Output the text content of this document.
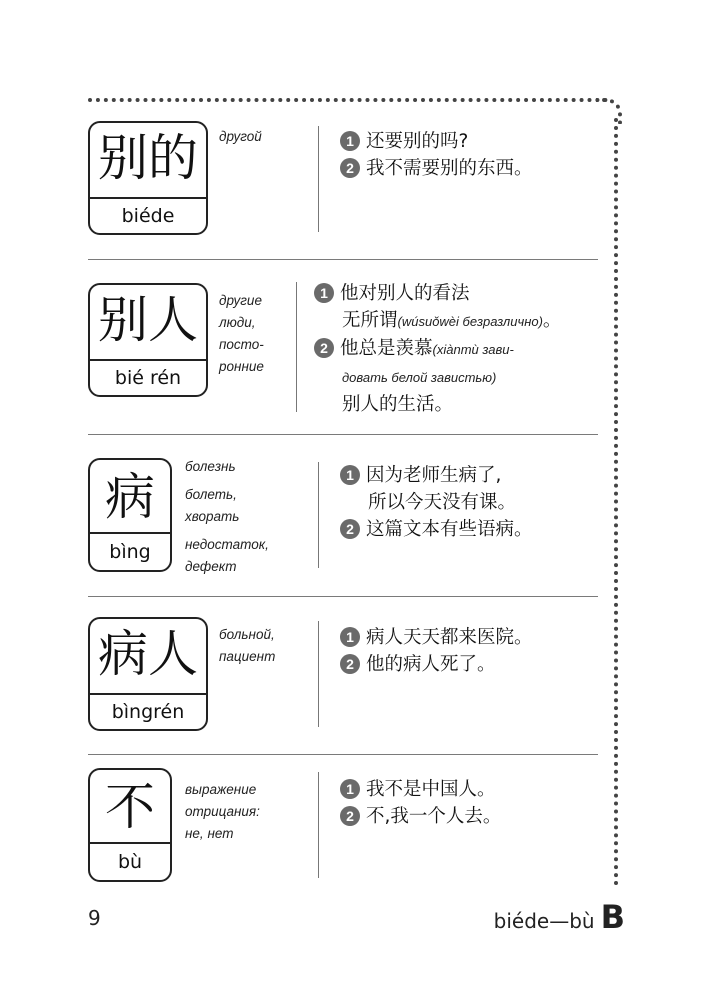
别的
biéde
другой	1 还要别的吗?
2 我不需要别的东西。
别人
bié rén
другие
люди,
посто-
ронние
1 他对别人的看法
无所谓(wúsuǒwèi безразлично)。
2 他总是羡慕(xiànmù зави-
довать белой завистью)
别人的生活。
病
bìng
болезнь
болеть,
хворать
недостаток,
дефект
1 因为老师生病了,
所以今天没有课。
2 这篇文本有些语病。
病人
bìngrén
больной,
пациент
1 病人天天都来医院。
2 他的病人死了。
不
bù
выражение
отрицания:
не, нет
1 我不是中国人。
2 不,我一个人去。
9	biéde—bù B
